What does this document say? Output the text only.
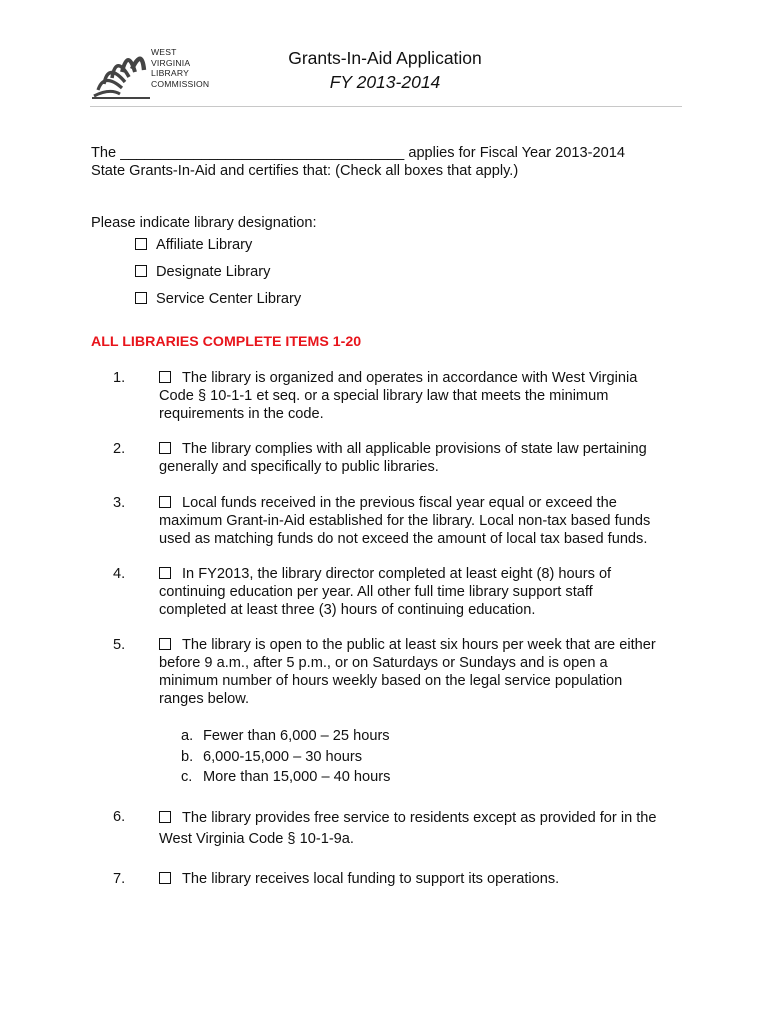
WEST
VIRGINIA
LIBRARY
COMMISSION
Grants-In-Aid Application
FY 2013-2014
The ___________________________________ applies for Fiscal Year 2013-2014
State Grants-In-Aid and certifies that: (Check all boxes that apply.)
Please indicate library designation:
Affiliate Library
Designate Library
Service Center Library
ALL LIBRARIES COMPLETE ITEMS 1-20
1.	The library is organized and operates in accordance with West Virginia
Code § 10-1-1 et seq. or a special library law that meets the minimum
requirements in the code.
2.	The library complies with all applicable provisions of state law pertaining
generally and specifically to public libraries.
3.	Local funds received in the previous fiscal year equal or exceed the
maximum Grant-in-Aid established for the library. Local non-tax based funds
used as matching funds do not exceed the amount of local tax based funds.
4.	In FY2013, the library director completed at least eight (8) hours of
continuing education per year. All other full time library support staff
completed at least three (3) hours of continuing education.
5.	The library is open to the public at least six hours per week that are either
before 9 a.m., after 5 p.m., or on Saturdays or Sundays and is open a
minimum number of hours weekly based on the legal service population
ranges below.
a. Fewer than 6,000 – 25 hours
b. 6,000-15,000 – 30 hours
c. More than 15,000 – 40 hours
6.	The library provides free service to residents except as provided for in the
West Virginia Code § 10-1-9a.
7.	The library receives local funding to support its operations.
